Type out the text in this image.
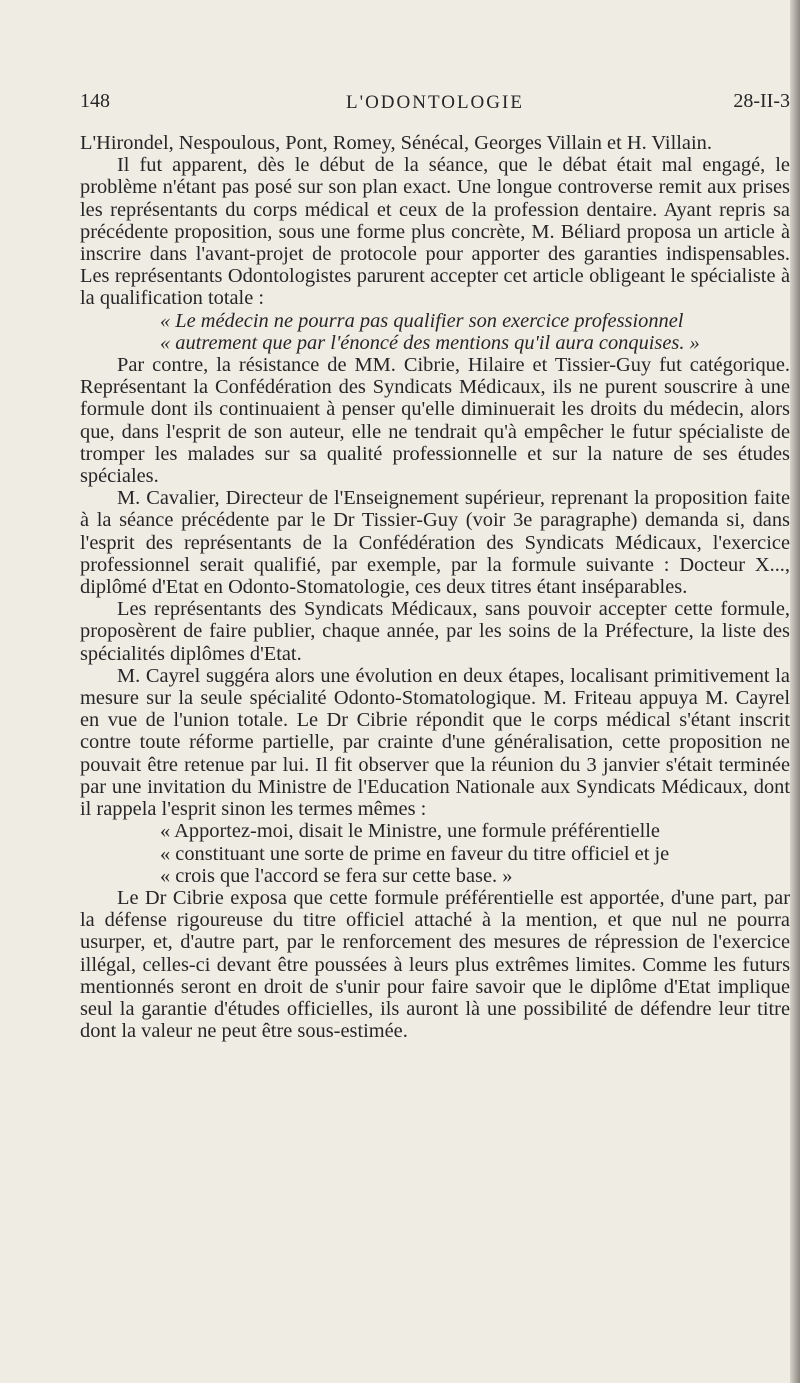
148	L'ODONTOLOGIE	28-II-3

L'Hirondel, Nespoulous, Pont, Romey, Sénécal, Georges Villain et H. Villain.

Il fut apparent, dès le début de la séance, que le débat était mal engagé, le problème n'étant pas posé sur son plan exact. Une longue controverse remit aux prises les représentants du corps médical et ceux de la profession dentaire. Ayant repris sa précédente proposition, sous une forme plus concrète, M. Béliard proposa un article à inscrire dans l'avant-projet de protocole pour apporter des garanties indispensables. Les représentants Odontologistes parurent accepter cet article obligeant le spécialiste à la qualification totale :

« Le médecin ne pourra pas qualifier son exercice professionnel

« autrement que par l'énoncé des mentions qu'il aura conquises. »

Par contre, la résistance de MM. Cibrie, Hilaire et Tissier-Guy fut catégorique. Représentant la Confédération des Syndicats Médicaux, ils ne purent souscrire à une formule dont ils continuaient à penser qu'elle diminuerait les droits du médecin, alors que, dans l'esprit de son auteur, elle ne tendrait qu'à empêcher le futur spécialiste de tromper les malades sur sa qualité professionnelle et sur la nature de ses études spéciales.

M. Cavalier, Directeur de l'Enseignement supérieur, reprenant la proposition faite à la séance précédente par le Dr Tissier-Guy (voir 3e paragraphe) demanda si, dans l'esprit des représentants de la Confédération des Syndicats Médicaux, l'exercice professionnel serait qualifié, par exemple, par la formule suivante : Docteur X..., diplômé d'Etat en Odonto-Stomatologie, ces deux titres étant inséparables.

Les représentants des Syndicats Médicaux, sans pouvoir accepter cette formule, proposèrent de faire publier, chaque année, par les soins de la Préfecture, la liste des spécialités diplômes d'Etat.

M. Cayrel suggéra alors une évolution en deux étapes, localisant primitivement la mesure sur la seule spécialité Odonto-Stomatologique. M. Friteau appuya M. Cayrel en vue de l'union totale. Le Dr Cibrie répondit que le corps médical s'étant inscrit contre toute réforme partielle, par crainte d'une généralisation, cette proposition ne pouvait être retenue par lui. Il fit observer que la réunion du 3 janvier s'était terminée par une invitation du Ministre de l'Education Nationale aux Syndicats Médicaux, dont il rappela l'esprit sinon les termes mêmes :

« Apportez-moi, disait le Ministre, une formule préférentielle

« constituant une sorte de prime en faveur du titre officiel et je

« crois que l'accord se fera sur cette base. »

Le Dr Cibrie exposa que cette formule préférentielle est apportée, d'une part, par la défense rigoureuse du titre officiel attaché à la mention, et que nul ne pourra usurper, et, d'autre part, par le renforcement des mesures de répression de l'exercice illégal, celles-ci devant être poussées à leurs plus extrêmes limites. Comme les futurs mentionnés seront en droit de s'unir pour faire savoir que le diplôme d'Etat implique seul la garantie d'études officielles, ils auront là une possibilité de défendre leur titre dont la valeur ne peut être sous-estimée.
